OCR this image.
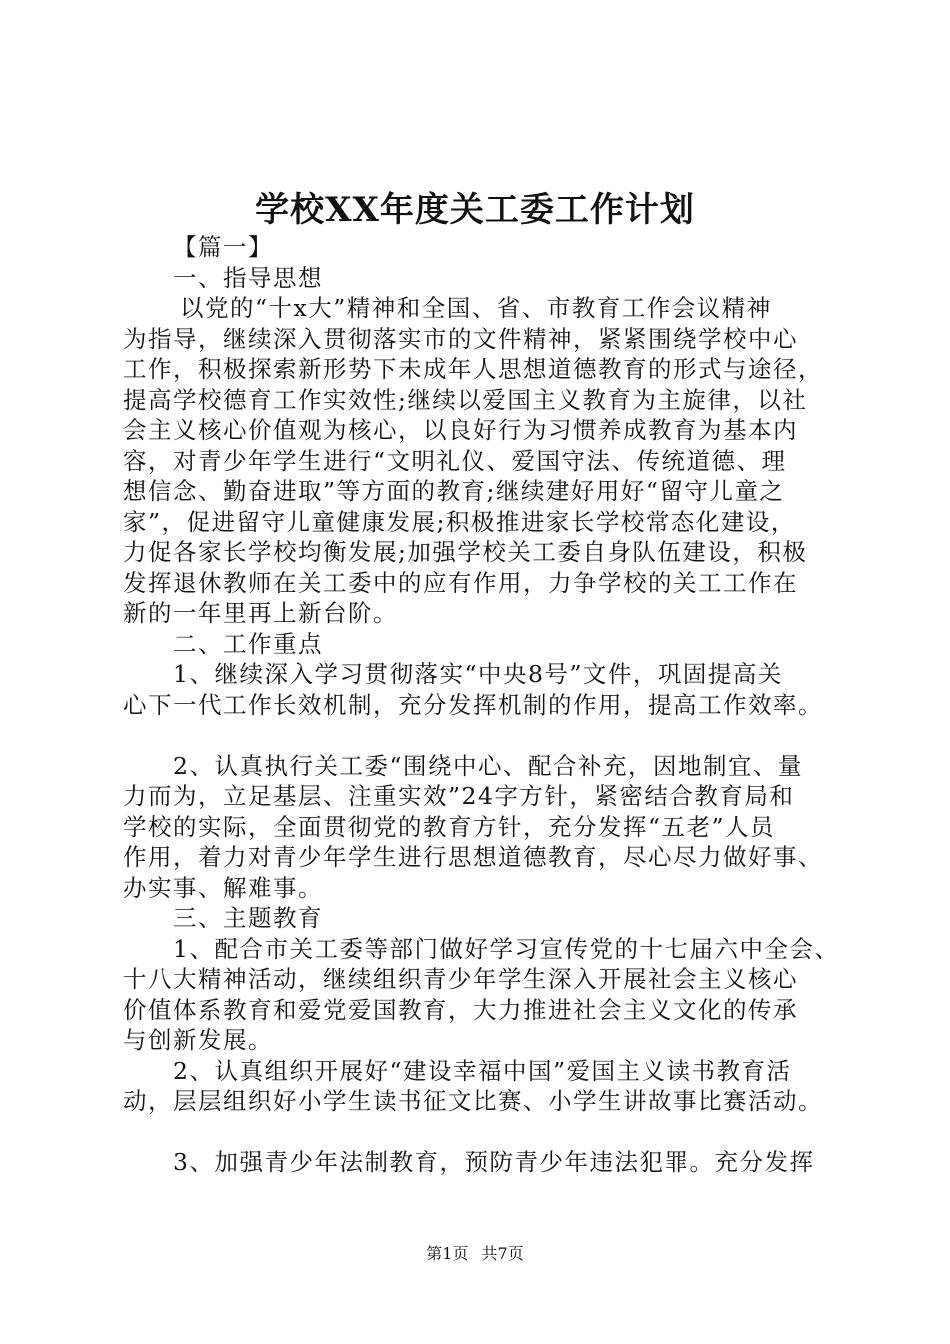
学校XX年度关工委工作计划
【篇一】
一、指导思想
以党的“十x大”精神和全国、省、市教育工作会议精神
为指导，继续深入贯彻落实市的文件精神，紧紧围绕学校中心
工作，积极探索新形势下未成年人思想道德教育的形式与途径，
提高学校德育工作实效性;继续以爱国主义教育为主旋律，以社
会主义核心价值观为核心，以良好行为习惯养成教育为基本内
容，对青少年学生进行“文明礼仪、爱国守法、传统道德、理
想信念、勤奋进取”等方面的教育;继续建好用好“留守儿童之
家”，促进留守儿童健康发展;积极推进家长学校常态化建设，
力促各家长学校均衡发展;加强学校关工委自身队伍建设，积极
发挥退休教师在关工委中的应有作用，力争学校的关工工作在
新的一年里再上新台阶。
二、工作重点
1、继续深入学习贯彻落实“中央8号”文件，巩固提高关
心下一代工作长效机制，充分发挥机制的作用，提高工作效率。
2、认真执行关工委“围绕中心、配合补充，因地制宜、量
力而为，立足基层、注重实效”24字方针，紧密结合教育局和
学校的实际，全面贯彻党的教育方针，充分发挥“五老”人员
作用，着力对青少年学生进行思想道德教育，尽心尽力做好事、
办实事、解难事。
三、主题教育
1、配合市关工委等部门做好学习宣传党的十七届六中全会、
十八大精神活动，继续组织青少年学生深入开展社会主义核心
价值体系教育和爱党爱国教育，大力推进社会主义文化的传承
与创新发展。
2、认真组织开展好“建设幸福中国”爱国主义读书教育活
动，层层组织好小学生读书征文比赛、小学生讲故事比赛活动。
3、加强青少年法制教育，预防青少年违法犯罪。充分发挥
第1页 共7页
